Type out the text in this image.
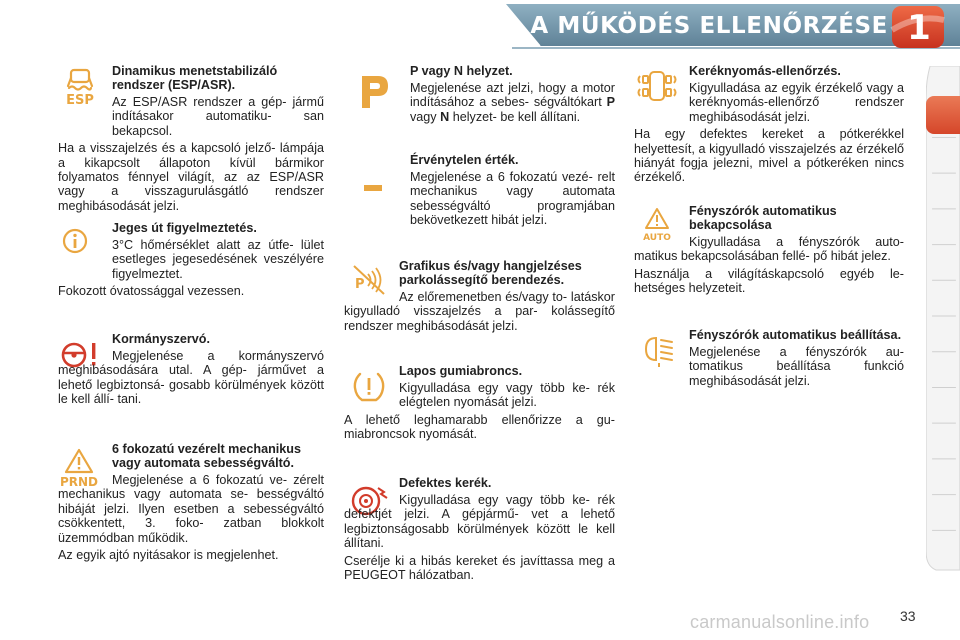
A MŰKÖDÉS ELLENŐRZÉSE 1
ESP
Dinamikus menetstabilizáló rendszer (ESP/ASR).

Az ESP/ASR rendszer a gép- jármű indításakor automatiku- san bekapcsol.

Ha a visszajelzés és a kapcsoló jelző- lámpája a kikapcsolt állapoton kívül bármikor folyamatos fénnyel világít, az az ESP/ASR vagy a visszagurulásgátló rendszer meghibásodását jelzi.

Jeges út figyelmeztetés.

3°C hőmérséklet alatt az útfe- lület esetleges jegesedésének veszélyére figyelmeztet.

Fokozott óvatossággal vezessen.

Kormányszervó.

Megjelenése a kormányszervó meghibásodására utal. A gép- járművet a lehető legbiztonsá- gosabb körülmények között le kell állí- tani.

PRND
6 fokozatú vezérelt mechanikus vagy automata sebességváltó.

Megjelenése a 6 fokozatú ve- zérelt mechanikus vagy automata se- bességváltó hibáját jelzi. Ilyen esetben a sebességváltó csökkentett, 3. foko- zatban blokkolt üzemmódban működik.

Az egyik ajtó nyitásakor is megjelenhet.

P vagy N helyzet.

Megjelenése azt jelzi, hogy a motor indításához a sebes- ségváltókart P vagy N helyzet- be kell állítani.

Érvénytelen érték.

Megjelenése a 6 fokozatú vezé- relt mechanikus vagy automata sebességváltó programjában bekövetkezett hibát jelzi.

P
Grafikus és/vagy hangjelzéses parkolássegítő berendezés.

Az előremenetben és/vagy to- latáskor kigyulladó visszajelzés a par- kolássegítő rendszer meghibásodását jelzi.

Lapos gumiabroncs.

Kigyulladása egy vagy több ke- rék elégtelen nyomását jelzi.

A lehető leghamarabb ellenőrizze a gu- miabroncsok nyomását.

Defektes kerék.

Kigyulladása egy vagy több ke- rék defektjét jelzi. A gépjármű- vet a lehető legbiztonságosabb körülmények között le kell állítani.

Cserélje ki a hibás kereket és javíttassa meg a PEUGEOT hálózatban.

Keréknyomás-ellenőrzés.

Kigyulladása az egyik érzékelő vagy a keréknyomás-ellenőrző rendszer meghibásodását jelzi.

Ha egy defektes kereket a pótkerékkel helyettesít, a kigyulladó visszajelzés az érzékelő hiányát fogja jelezni, mivel a pótkeréken nincs érzékelő.

AUTO
Fényszórók automatikus bekapcsolása

Kigyulladása a fényszórók auto- matikus bekapcsolásában fellé- pő hibát jelez.

Használja a világításkapcsoló egyéb le- hetséges helyzeteit.

Fényszórók automatikus beállítása.

Megjelenése a fényszórók au- tomatikus beállítása funkció meghibásodását jelzi.

carmanualsonline.info 33
